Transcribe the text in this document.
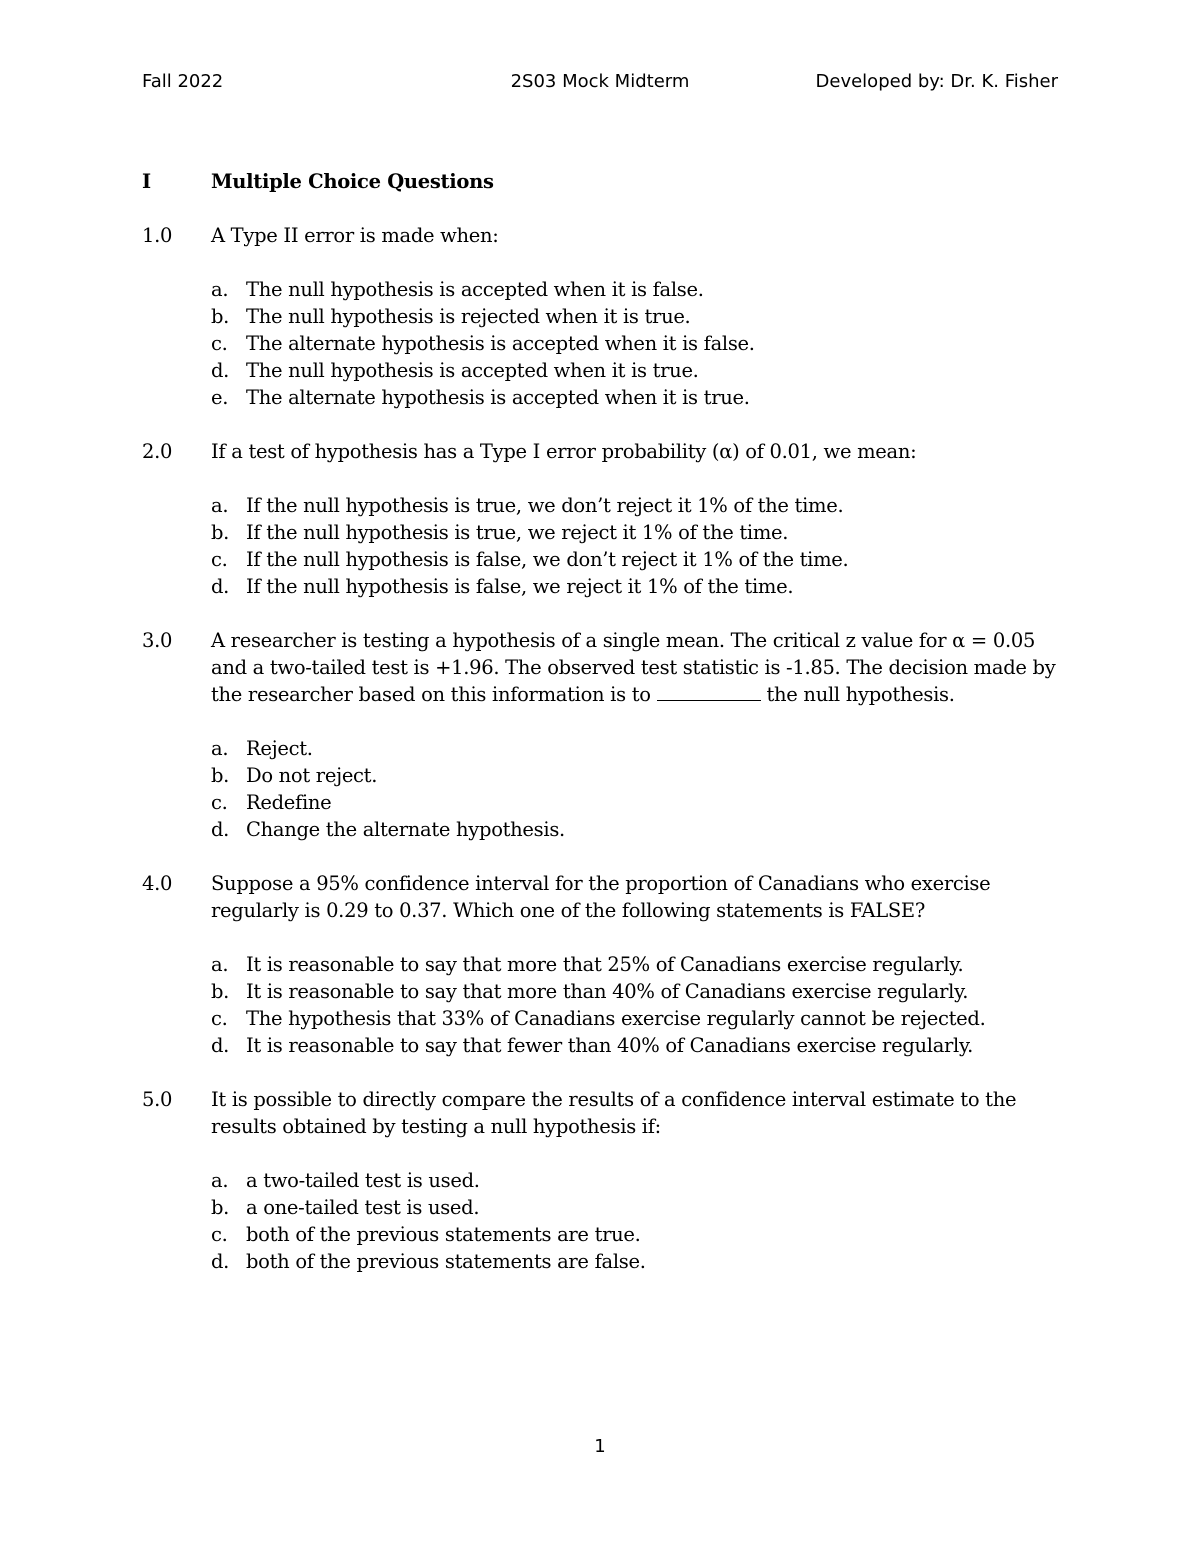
Fall 2022	2S03 Mock Midterm	Developed by: Dr. K. Fisher
I	Multiple Choice Questions
1.0	A Type II error is made when:
a. The null hypothesis is accepted when it is false.
b. The null hypothesis is rejected when it is true.
c. The alternate hypothesis is accepted when it is false.
d. The null hypothesis is accepted when it is true.
e. The alternate hypothesis is accepted when it is true.
2.0	If a test of hypothesis has a Type I error probability (α) of 0.01, we mean:
a. If the null hypothesis is true, we don’t reject it 1% of the time.
b. If the null hypothesis is true, we reject it 1% of the time.
c. If the null hypothesis is false, we don’t reject it 1% of the time.
d. If the null hypothesis is false, we reject it 1% of the time.
3.0	A researcher is testing a hypothesis of a single mean. The critical z value for α = 0.05 and a two-tailed test is +1.96. The observed test statistic is -1.85. The decision made by the researcher based on this information is to	the null hypothesis.
a. Reject.
b. Do not reject.
c. Redefine
d. Change the alternate hypothesis.
4.0	Suppose a 95% confidence interval for the proportion of Canadians who exercise regularly is 0.29 to 0.37. Which one of the following statements is FALSE?
a. It is reasonable to say that more that 25% of Canadians exercise regularly.
b. It is reasonable to say that more than 40% of Canadians exercise regularly.
c. The hypothesis that 33% of Canadians exercise regularly cannot be rejected.
d. It is reasonable to say that fewer than 40% of Canadians exercise regularly.
5.0	It is possible to directly compare the results of a confidence interval estimate to the results obtained by testing a null hypothesis if:
a. a two-tailed test is used.
b. a one-tailed test is used.
c. both of the previous statements are true.
d. both of the previous statements are false.
1
